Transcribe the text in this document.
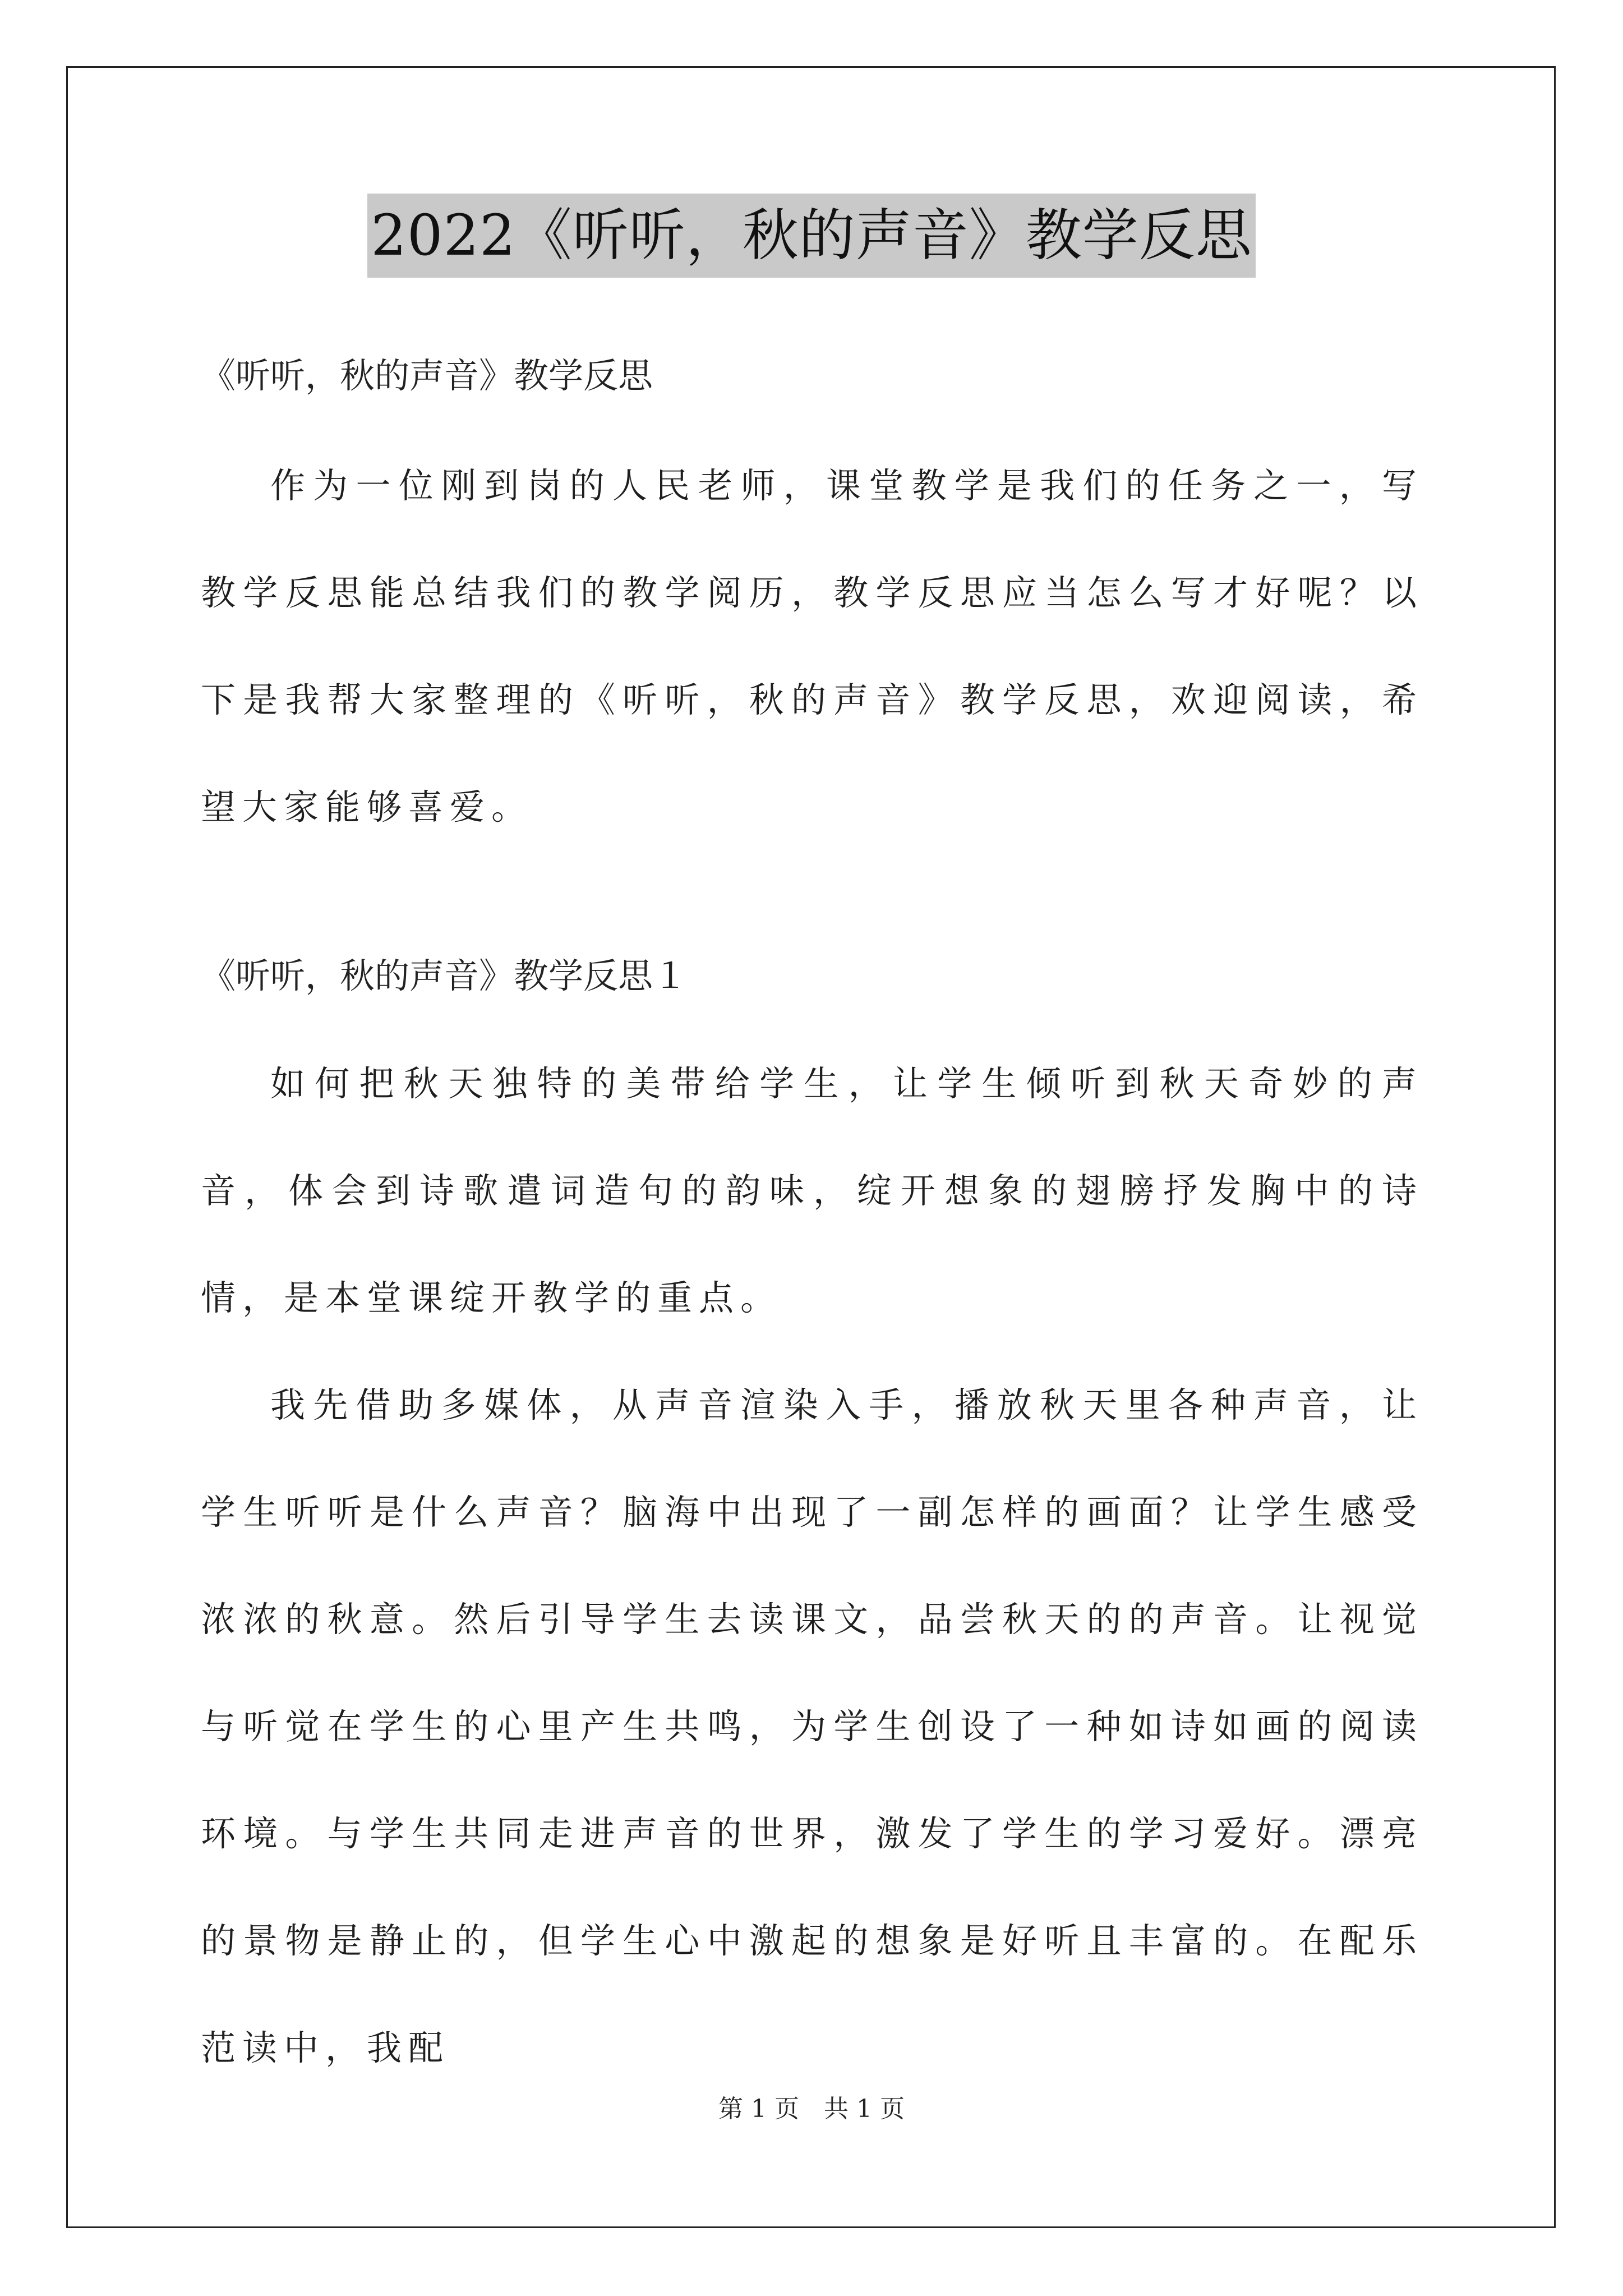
2022《听听，秋的声音》教学反思
《听听，秋的声音》教学反思

作为一位刚到岗的人民老师，课堂教学是我们的任务之一，写教学反思能总结我们的教学阅历，教学反思应当怎么写才好呢？以下是我帮大家整理的《听听，秋的声音》教学反思，欢迎阅读，希望大家能够喜爱。

《听听，秋的声音》教学反思１

如何把秋天独特的美带给学生，让学生倾听到秋天奇妙的声音，体会到诗歌遣词造句的韵味，绽开想象的翅膀抒发胸中的诗情，是本堂课绽开教学的重点。

我先借助多媒体，从声音渲染入手，播放秋天里各种声音，让学生听听是什么声音？脑海中出现了一副怎样的画面？让学生感受浓浓的秋意。然后引导学生去读课文，品尝秋天的的声音。让视觉与听觉在学生的心里产生共鸣，为学生创设了一种如诗如画的阅读环境。与学生共同走进声音的世界，激发了学生的学习爱好。漂亮的景物是静止的，但学生心中激起的想象是好听且丰富的。在配乐范读中，我配

第 1 页　共 1 页
